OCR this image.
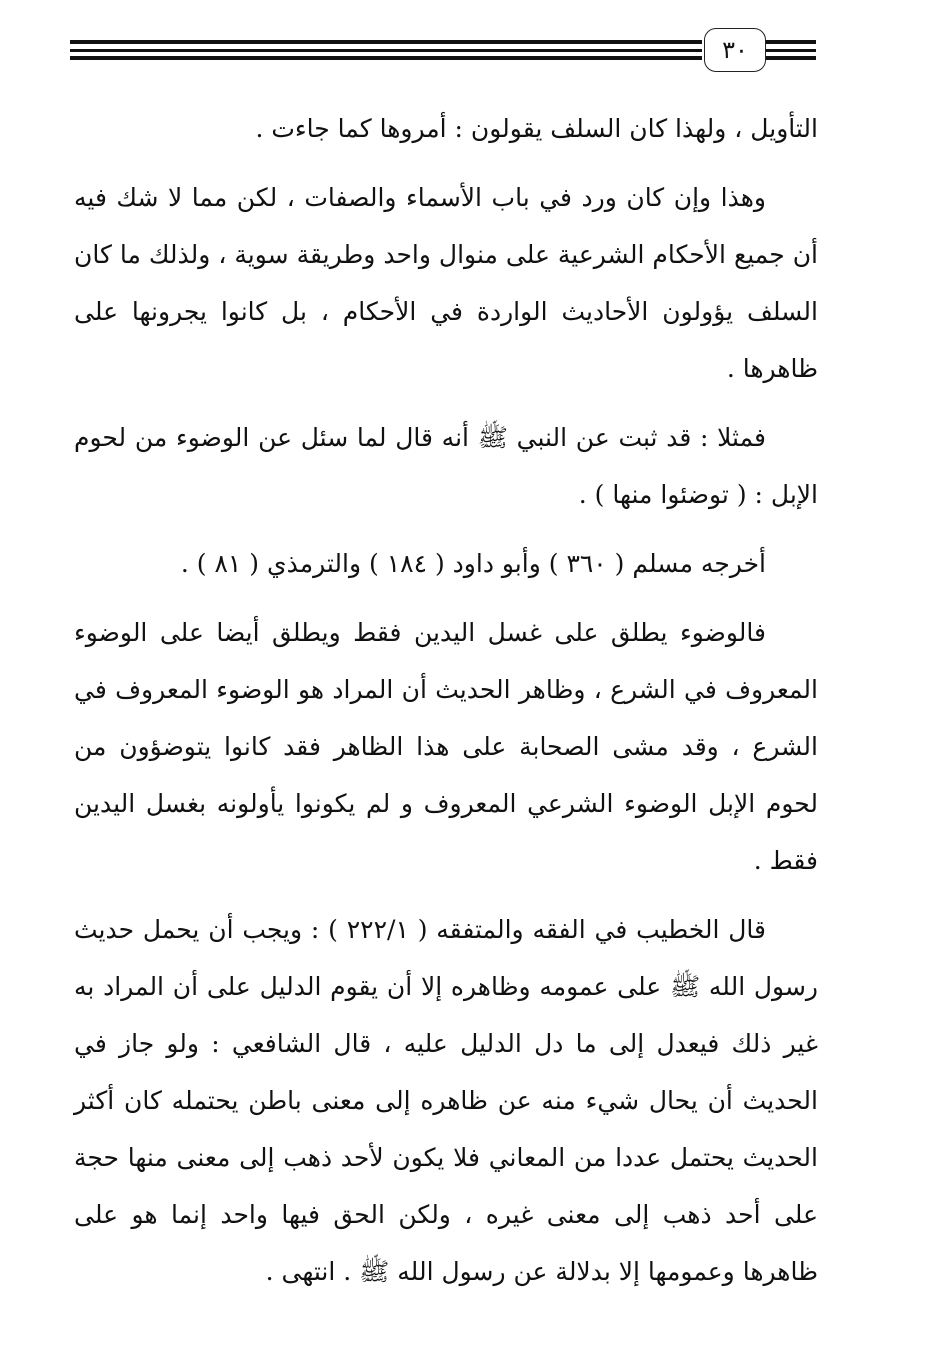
٣٠

التأويل ، ولهذا كان السلف يقولون : أمروها كما جاءت .

وهذا وإن كان ورد في باب الأسماء والصفات ، لكن مما لا شك فيه أن جميع الأحكام الشرعية على منوال واحد وطريقة سوية ، ولذلك ما كان السلف يؤولون الأحاديث الواردة في الأحكام ، بل كانوا يجرونها على ظاهرها .

فمثلا : قد ثبت عن النبي ﷺ أنه قال لما سئل عن الوضوء من لحوم الإبل : ( توضئوا منها ) .

أخرجه مسلم ( ٣٦٠ ) وأبو داود ( ١٨٤ ) والترمذي ( ٨١ ) .

فالوضوء يطلق على غسل اليدين فقط ويطلق أيضا على الوضوء المعروف في الشرع ، وظاهر الحديث أن المراد هو الوضوء المعروف في الشرع ، وقد مشى الصحابة على هذا الظاهر فقد كانوا يتوضؤون من لحوم الإبل الوضوء الشرعي المعروف و لم يكونوا يأولونه بغسل اليدين فقط .

قال الخطيب في الفقه والمتفقه ( ٢٢٢/١ ) : ويجب أن يحمل حديث رسول الله ﷺ على عمومه وظاهره إلا أن يقوم الدليل على أن المراد به غير ذلك فيعدل إلى ما دل الدليل عليه ، قال الشافعي : ولو جاز في الحديث أن يحال شيء منه عن ظاهره إلى معنى باطن يحتمله كان أكثر الحديث يحتمل عددا من المعاني فلا يكون لأحد ذهب إلى معنى منها حجة على أحد ذهب إلى معنى غيره ، ولكن الحق فيها واحد إنما هو على ظاهرها وعمومها إلا بدلالة عن رسول الله ﷺ . انتهى .
